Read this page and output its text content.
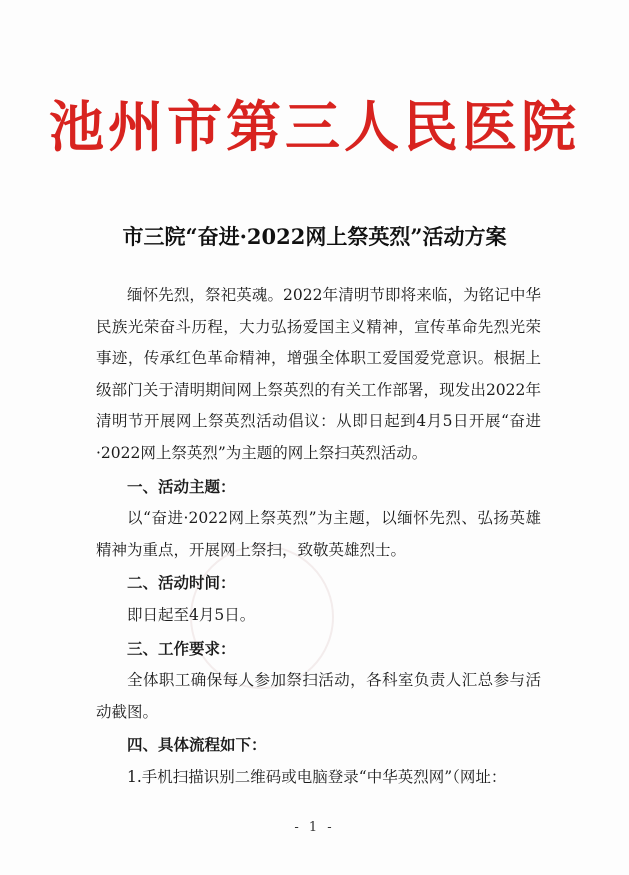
池州市第三人民医院
市三院“奋进·2022网上祭英烈”活动方案

缅怀先烈，祭祀英魂。2022年清明节即将来临，为铭记中华民族光荣奋斗历程，大力弘扬爱国主义精神，宣传革命先烈光荣事迹，传承红色革命精神，增强全体职工爱国爱党意识。根据上级部门关于清明期间网上祭英烈的有关工作部署，现发出2022年清明节开展网上祭英烈活动倡议：从即日起到4月5日开展“奋进·2022网上祭英烈”为主题的网上祭扫英烈活动。

一、活动主题：

以“奋进·2022网上祭英烈”为主题，以缅怀先烈、弘扬英雄精神为重点，开展网上祭扫，致敬英雄烈士。

二、活动时间：

即日起至4月5日。

三、工作要求：

全体职工确保每人参加祭扫活动，各科室负责人汇总参与活动截图。

四、具体流程如下：

1.手机扫描识别二维码或电脑登录“中华英烈网”（网址：

- 1 -
